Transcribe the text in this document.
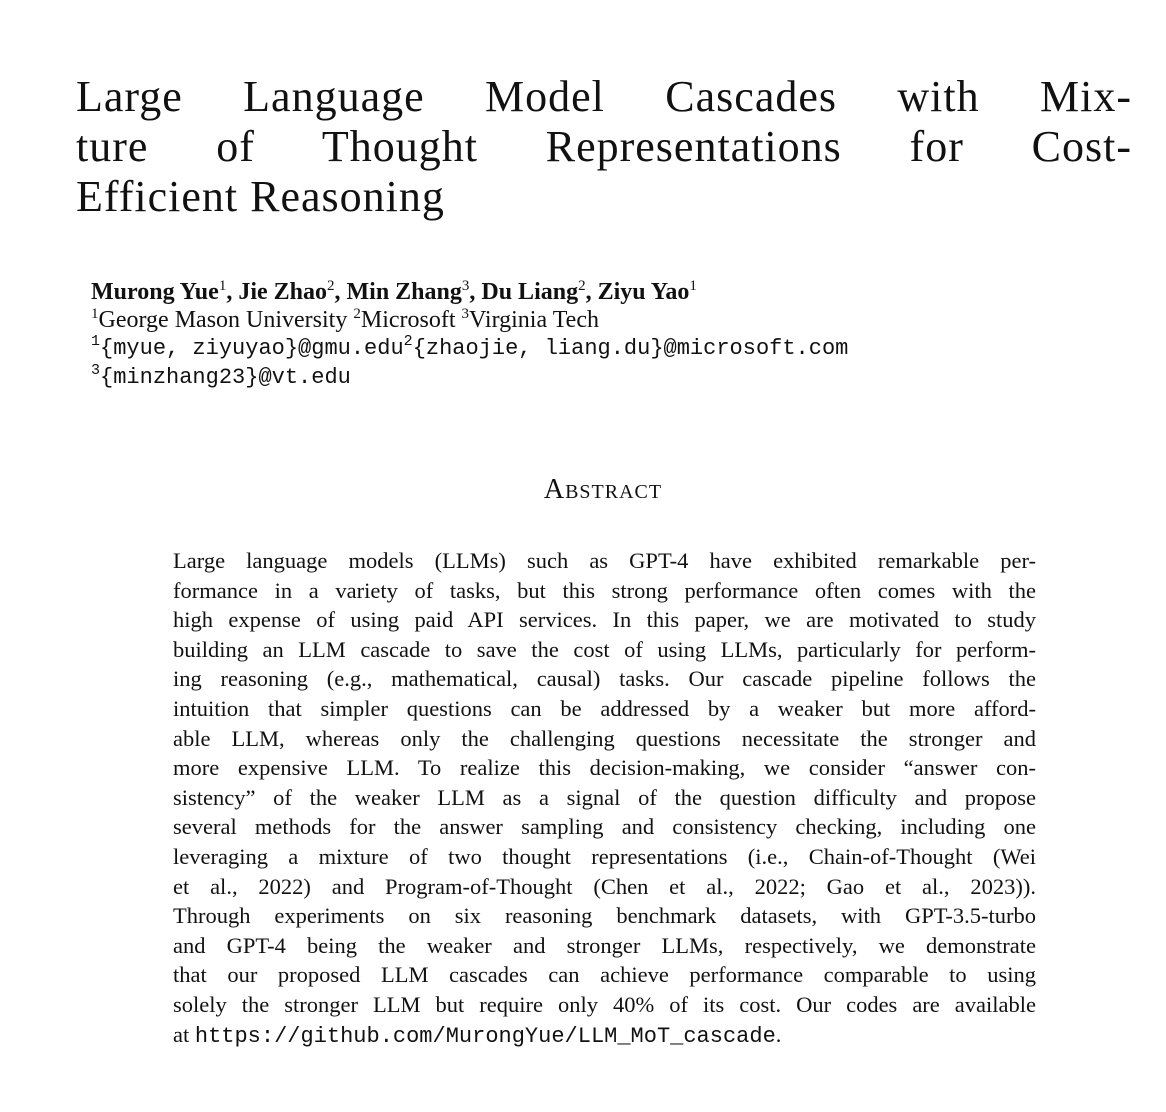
Large Language Model Cascades with Mix-
ture of Thought Representations for Cost-
Efficient Reasoning
Murong Yue$^1$, Jie Zhao$^2$, Min Zhang$^3$, Du Liang$^2$, Ziyu Yao$^1$
$^1$George Mason University $^2$Microsoft $^3$Virginia Tech
$^1${myue, ziyuyao}@gmu.edu$^2${zhaojie, liang.du}@microsoft.com
$^3${minzhang23}@vt.edu
Abstract
Large language models (LLMs) such as GPT-4 have exhibited remarkable per-
formance in a variety of tasks, but this strong performance often comes with the
high expense of using paid API services. In this paper, we are motivated to study
building an LLM cascade to save the cost of using LLMs, particularly for perform-
ing reasoning (e.g., mathematical, causal) tasks. Our cascade pipeline follows the
intuition that simpler questions can be addressed by a weaker but more afford-
able LLM, whereas only the challenging questions necessitate the stronger and
more expensive LLM. To realize this decision-making, we consider “answer con-
sistency” of the weaker LLM as a signal of the question difficulty and propose
several methods for the answer sampling and consistency checking, including one
leveraging a mixture of two thought representations (i.e., Chain-of-Thought (Wei
et al., 2022) and Program-of-Thought (Chen et al., 2022; Gao et al., 2023)).
Through experiments on six reasoning benchmark datasets, with GPT-3.5-turbo
and GPT-4 being the weaker and stronger LLMs, respectively, we demonstrate
that our proposed LLM cascades can achieve performance comparable to using
solely the stronger LLM but require only 40% of its cost. Our codes are available
at https://github.com/MurongYue/LLM_MoT_cascade.
